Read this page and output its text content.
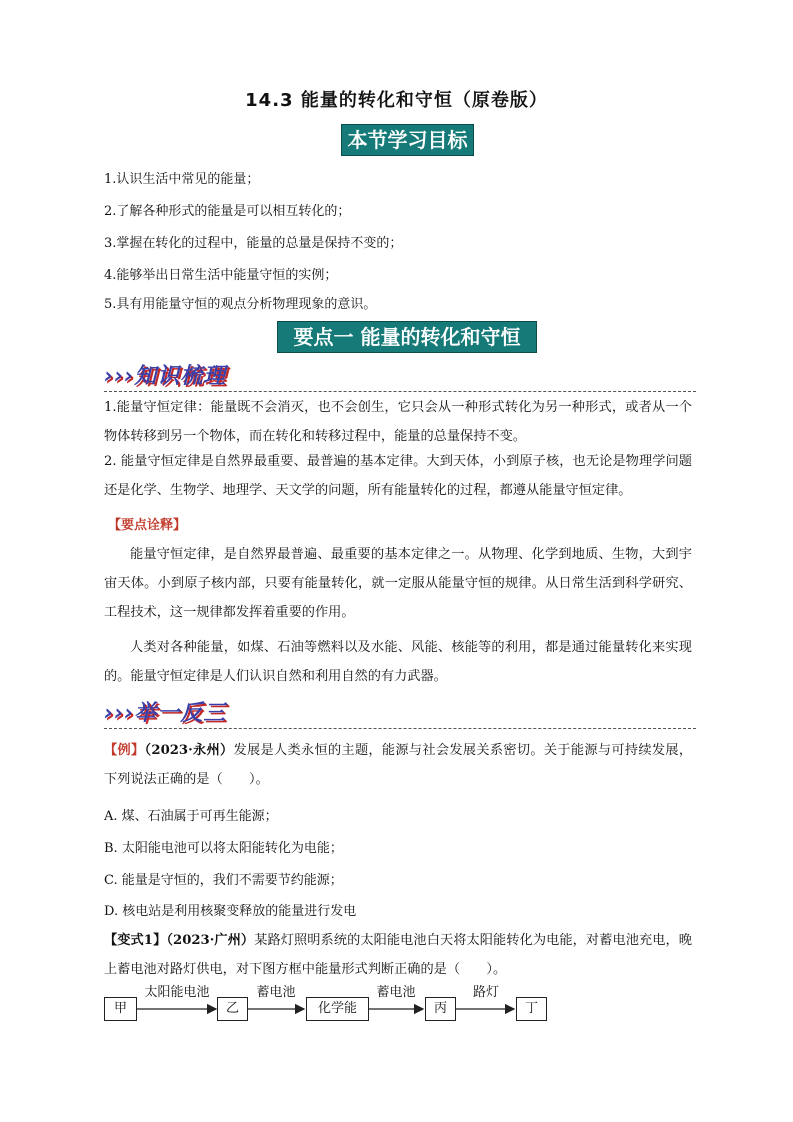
14.3 能量的转化和守恒（原卷版）
本节学习目标
1.认识生活中常见的能量；
2.了解各种形式的能量是可以相互转化的；
3.掌握在转化的过程中，能量的总量是保持不变的；
4.能够举出日常生活中能量守恒的实例；
5.具有用能量守恒的观点分析物理现象的意识。
要点一 能量的转化和守恒
›››知识梳理
1.能量守恒定律：能量既不会消灭，也不会创生，它只会从一种形式转化为另一种形式，或者从一个物体转移到另一个物体，而在转化和转移过程中，能量的总量保持不变。
2. 能量守恒定律是自然界最重要、最普遍的基本定律。大到天体，小到原子核，也无论是物理学问题还是化学、生物学、地理学、天文学的问题，所有能量转化的过程，都遵从能量守恒定律。
【要点诠释】
能量守恒定律，是自然界最普遍、最重要的基本定律之一。从物理、化学到地质、生物，大到宇宙天体。小到原子核内部，只要有能量转化，就一定服从能量守恒的规律。从日常生活到科学研究、工程技术，这一规律都发挥着重要的作用。
人类对各种能量，如煤、石油等燃料以及水能、风能、核能等的利用，都是通过能量转化来实现的。能量守恒定律是人们认识自然和利用自然的有力武器。
›››举一反三
【例】（2023·永州）发展是人类永恒的主题，能源与社会发展关系密切。关于能源与可持续发展，下列说法正确的是（　　）。
A. 煤、石油属于可再生能源；
B. 太阳能电池可以将太阳能转化为电能；
C. 能量是守恒的，我们不需要节约能源；
D. 核电站是利用核聚变释放的能量进行发电
【变式1】（2023·广州）某路灯照明系统的太阳能电池白天将太阳能转化为电能，对蓄电池充电，晚上蓄电池对路灯供电，对下图方框中能量形式判断正确的是（　　）。
甲	乙	化学能	丙	丁
太阳能电池	蓄电池	蓄电池	路灯
